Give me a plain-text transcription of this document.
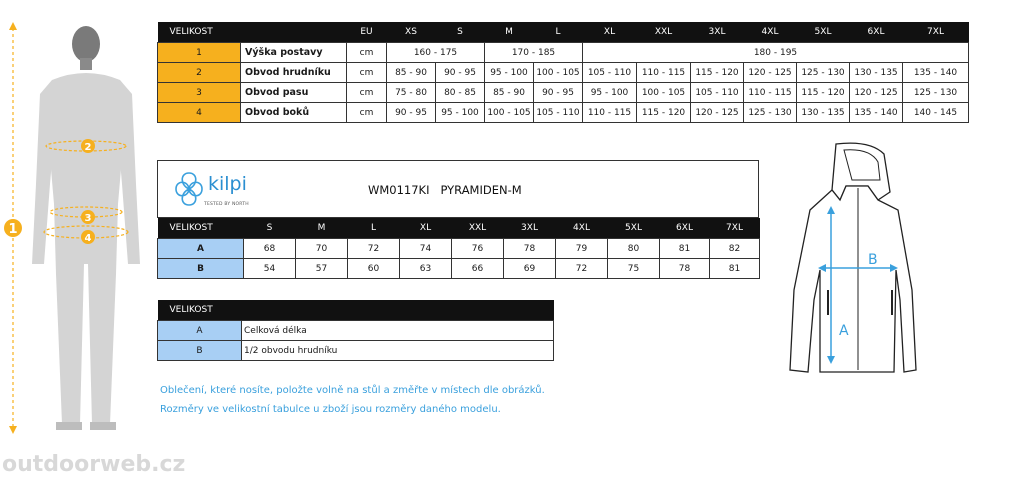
1
2
3
4
VELIKOST		EU	XS	S	M	L	XL	XXL	3XL	4XL	5XL	6XL	7XL
1	Výška postavy	cm	160 - 175		170 - 185		180 - 195						
2	Obvod hrudníku	cm	85 - 90	90 - 95	95 - 100	100 - 105	105 - 110	110 - 115	115 - 120	120 - 125	125 - 130	130 - 135	135 - 140
3	Obvod pasu	cm	75 - 80	80 - 85	85 - 90	90 - 95	95 - 100	100 - 105	105 - 110	110 - 115	115 - 120	120 - 125	125 - 130
4	Obvod boků	cm	90 - 95	95 - 100	100 - 105	105 - 110	110 - 115	115 - 120	120 - 125	125 - 130	130 - 135	135 - 140	140 - 145
kilpi
TESTED BY NORTH
WM0117KI   PYRAMIDEN-M
VELIKOST	S	M	L	XL	XXL	3XL	4XL	5XL	6XL	7XL
A	68	70	72	74	76	78	79	80	81	82
B	54	57	60	63	66	69	72	75	78	81
VELIKOST	
A	Celková délka
B	1/2 obvodu hrudníku
Oblečení, které nosíte, položte volně na stůl a změřte v místech dle obrázků.
Rozměry ve velikostní tabulce u zboží jsou rozměry daného modelu.
A
B
outdoorweb.cz
